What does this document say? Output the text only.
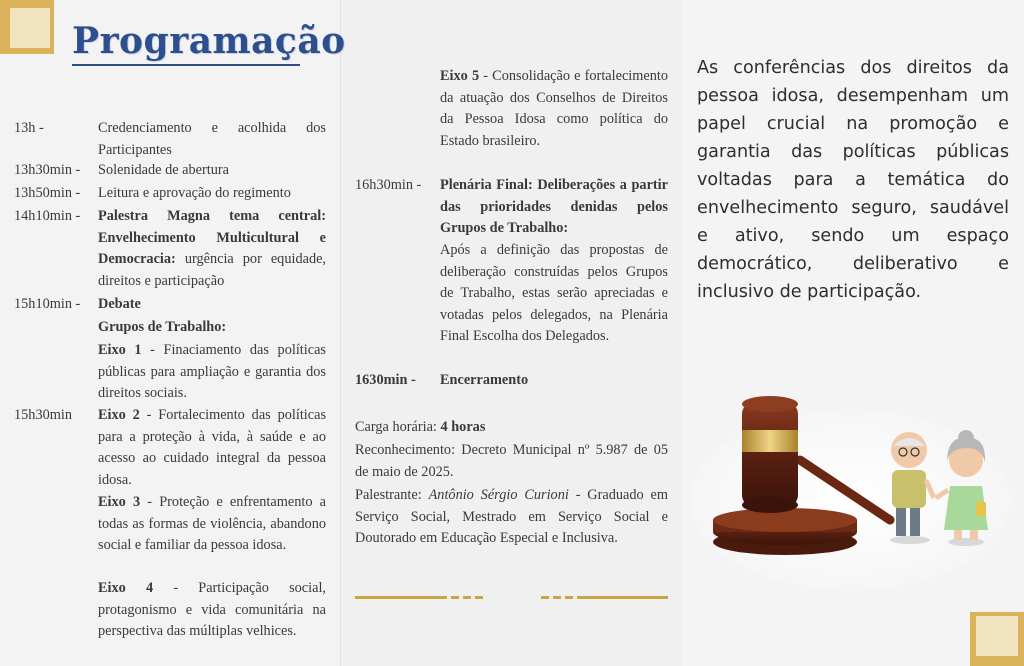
Programação
13h -	Credenciamento e acolhida dos Participantes
13h30min - Solenidade de abertura
13h50min - Leitura e aprovação do regimento
14h10min - Palestra Magna tema central: Envelhecimento Multicultural e Democracia: urgência por equidade, direitos e participação
15h10min - Debate
Grupos de Trabalho:
Eixo 1 - Finaciamento das políticas públicas para ampliação e garantia dos direitos sociais.
15h30min Eixo 2 - Fortalecimento das políticas para a proteção à vida, à saúde e ao acesso ao cuidado integral da pessoa idosa.
Eixo 3 - Proteção e enfrentamento a todas as formas de violência, abandono social e familiar da pessoa idosa.
Eixo 4 - Participação social, protagonismo e vida comunitária na perspectiva das múltiplas velhices.
Eixo 5 - Consolidação e fortalecimento da atuação dos Conselhos de Direitos da Pessoa Idosa como política do Estado brasileiro.
16h30min - Plenária Final: Deliberações a partir das prioridades denidas pelos Grupos de Trabalho:
Após a definição das propostas de deliberação construídas pelos Grupos de Trabalho, estas serão apreciadas e votadas pelos delegados, na Plenária Final Escolha dos Delegados.
1630min - Encerramento
Carga horária: 4 horas
Reconhecimento: Decreto Municipal nº 5.987 de 05 de maio de 2025.
Palestrante: Antônio Sérgio Curioni - Graduado em Serviço Social, Mestrado em Serviço Social e Doutorado em Educação Especial e Inclusiva.
As conferências dos direitos da pessoa idosa, desempenham um papel crucial na promoção e garantia das políticas públicas voltadas para a temática do envelhecimento seguro, saudável e ativo, sendo um espaço democrático, deliberativo e inclusivo de participação.
